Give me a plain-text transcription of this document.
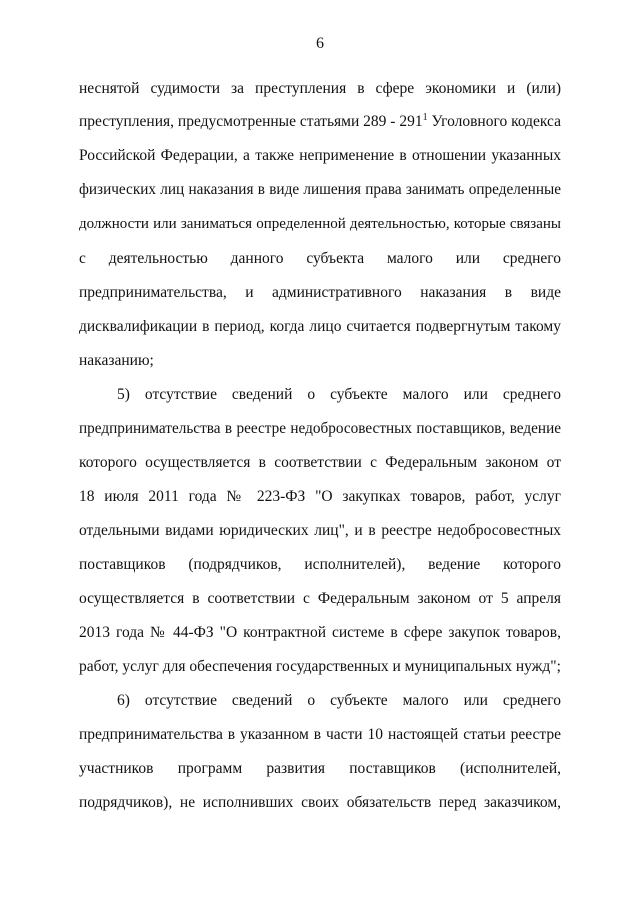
6
неснятой судимости за преступления в сфере экономики и (или)
преступления, предусмотренные статьями $289 - 291^1$ Уголовного кодекса
Российской Федерации, а также неприменение в отношении указанных
физических лиц наказания в виде лишения права занимать определенные
должности или заниматься определенной деятельностью, которые связаны
с деятельностью данного субъекта малого или среднего
предпринимательства, и административного наказания в виде
дисквалификации в период, когда лицо считается подвергнутым такому
наказанию;
5) отсутствие сведений о субъекте малого или среднего
предпринимательства в реестре недобросовестных поставщиков, ведение
которого осуществляется в соответствии с Федеральным законом от
18 июля 2011 года № 223-ФЗ "О закупках товаров, работ, услуг
отдельными видами юридических лиц", и в реестре недобросовестных
поставщиков (подрядчиков, исполнителей), ведение которого
осуществляется в соответствии с Федеральным законом от 5 апреля
2013 года № 44-ФЗ "О контрактной системе в сфере закупок товаров,
работ, услуг для обеспечения государственных и муниципальных нужд";
6) отсутствие сведений о субъекте малого или среднего
предпринимательства в указанном в части 10 настоящей статьи реестре
участников программ развития поставщиков (исполнителей,
подрядчиков), не исполнивших своих обязательств перед заказчиком,
